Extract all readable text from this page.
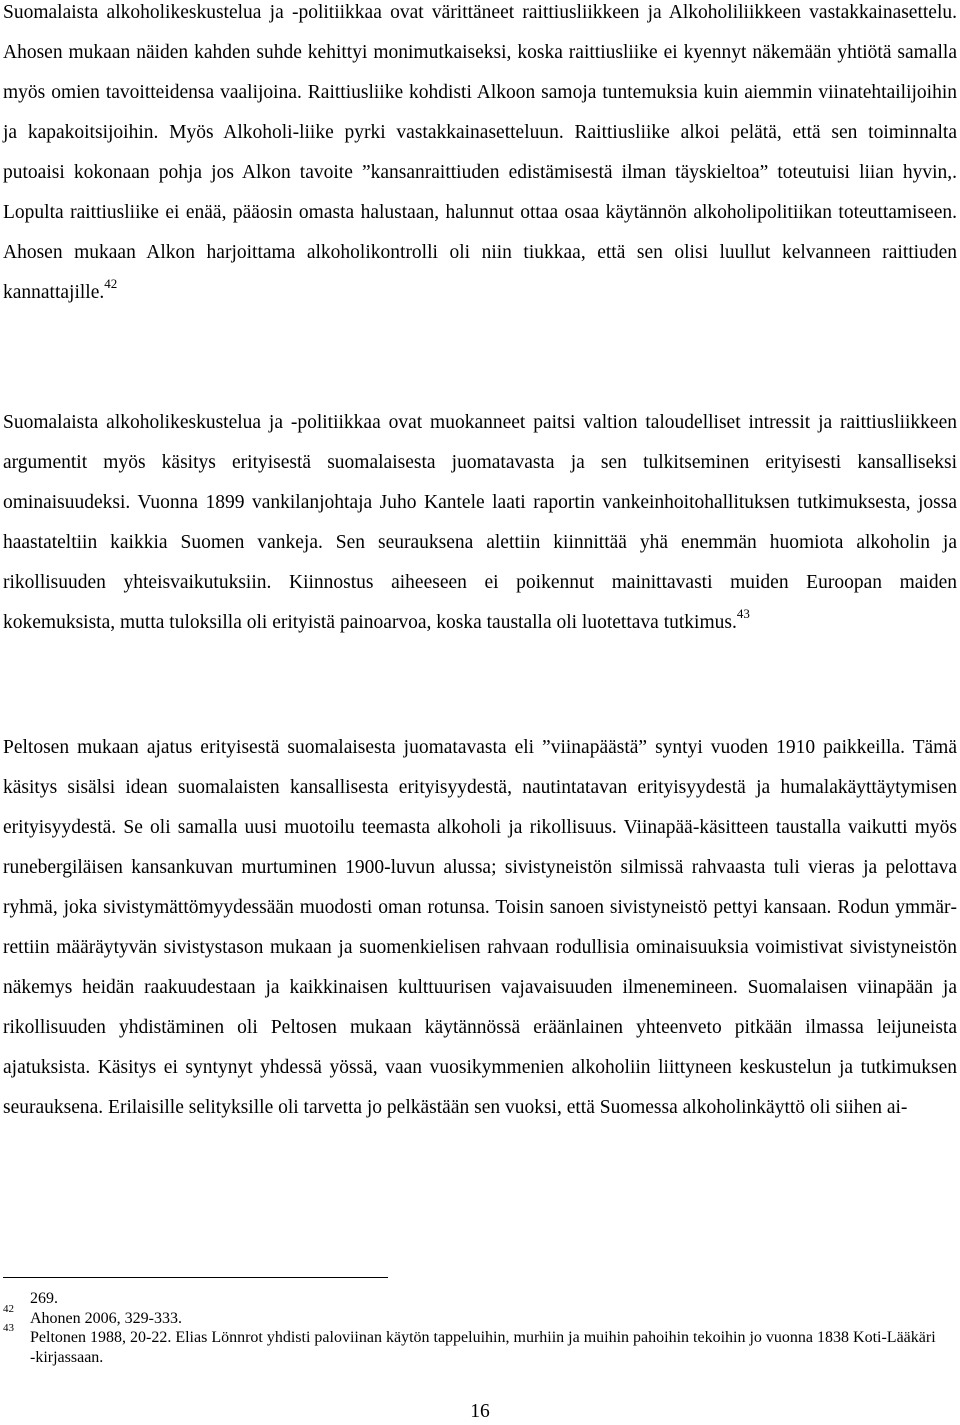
Suomalaista alkoholikeskustelua ja -politiikkaa ovat värittäneet raittiusliikkeen ja Alkoholiliikkeen vastakkainasettelu. Ahosen mukaan näiden kahden suhde kehittyi monimutkaiseksi, koska raittiusliike ei kyennyt näkemään yhtiötä samalla myös omien tavoitteidensa vaalijoina. Raittiusliike kohdisti Alkoon samoja tuntemuksia kuin aiemmin viinatehtailijoihin ja kapakoitsijoihin. Myös Alkoholi-liike pyrki vastakkainasetteluun. Raittiusliike alkoi pelätä, että sen toiminnalta putoaisi kokonaan pohja jos Alkon tavoite ”kansanraittiuden edistämisestä ilman täyskieltoa” toteutuisi liian hyvin,. Lopulta raittiusliike ei enää, pääosin omasta halustaan, halunnut ottaa osaa käytännön alkoholipolitiikan toteuttamiseen. Ahosen mukaan Alkon harjoittama alkoholikontrolli oli niin tiukkaa, että sen olisi luullut kelvanneen raittiuden kannattajille.$^{42}$

Suomalaista alkoholikeskustelua ja -politiikkaa ovat muokanneet paitsi valtion taloudelliset intressit ja raittiusliikkeen argumentit myös käsitys erityisestä suomalaisesta juomatavasta ja sen tulkitseminen erityisesti kansalliseksi ominaisuudeksi. Vuonna 1899 vankilanjohtaja Juho Kantele laati raportin vankeinhoitohallituksen tutkimuksesta, jossa haastateltiin kaikkia Suomen vankeja. Sen seurauksena alettiin kiinnittää yhä enemmän huomiota alkoholin ja rikollisuuden yhteisvaikutuksiin. Kiinnostus aiheeseen ei poikennut mainittavasti muiden Euroopan maiden kokemuksista, mutta tuloksilla oli erityistä painoarvoa, koska taustalla oli luotettava tutkimus.$^{43}$

Peltosen mukaan ajatus erityisestä suomalaisesta juomatavasta eli ”viinapäästä” syntyi vuoden 1910 paikkeilla. Tämä käsitys sisälsi idean suomalaisten kansallisesta erityisyydestä, nautintatavan erityisyydestä ja humalakäyttäytymisen erityisyydestä. Se oli samalla uusi muotoilu teemasta alkoholi ja rikollisuus. Viinapää-käsitteen taustalla vaikutti myös runebergiläisen kansankuvan murtuminen 1900-luvun alussa; sivistyneistön silmissä rahvaasta tuli vieras ja pelottava ryhmä, joka sivistymättömyydessään muodosti oman rotunsa. Toisin sanoen sivistyneistö pettyi kansaan. Rodun ymmärrettiin määräytyvän sivistystason mukaan ja suomenkielisen rahvaan rodullisia ominaisuuksia voimistivat sivistyneistön näkemys heidän raakuudestaan ja kaikkinaisen kulttuurisen vajavaisuuden ilmenemineen. Suomalaisen viinapään ja rikollisuuden yhdistäminen oli Peltosen mukaan käytännössä eräänlainen yhteenveto pitkään ilmassa leijuneista ajatuksista. Käsitys ei syntynyt yhdessä yössä, vaan vuosikymmenien alkoholiin liittyneen keskustelun ja tutkimuksen seurauksena. Erilaisille selityksille oli tarvetta jo pelkästään sen vuoksi, että Suomessa alkoholinkäyttö oli siihen ai-

269.
42
Ahonen 2006, 329-333.
43
Peltonen 1988, 20-22. Elias Lönnrot yhdisti paloviinan käytön tappeluihin, murhiin ja muihin pahoihin tekoihin jo vuonna 1838 Koti-Lääkäri -kirjassaan.
16
